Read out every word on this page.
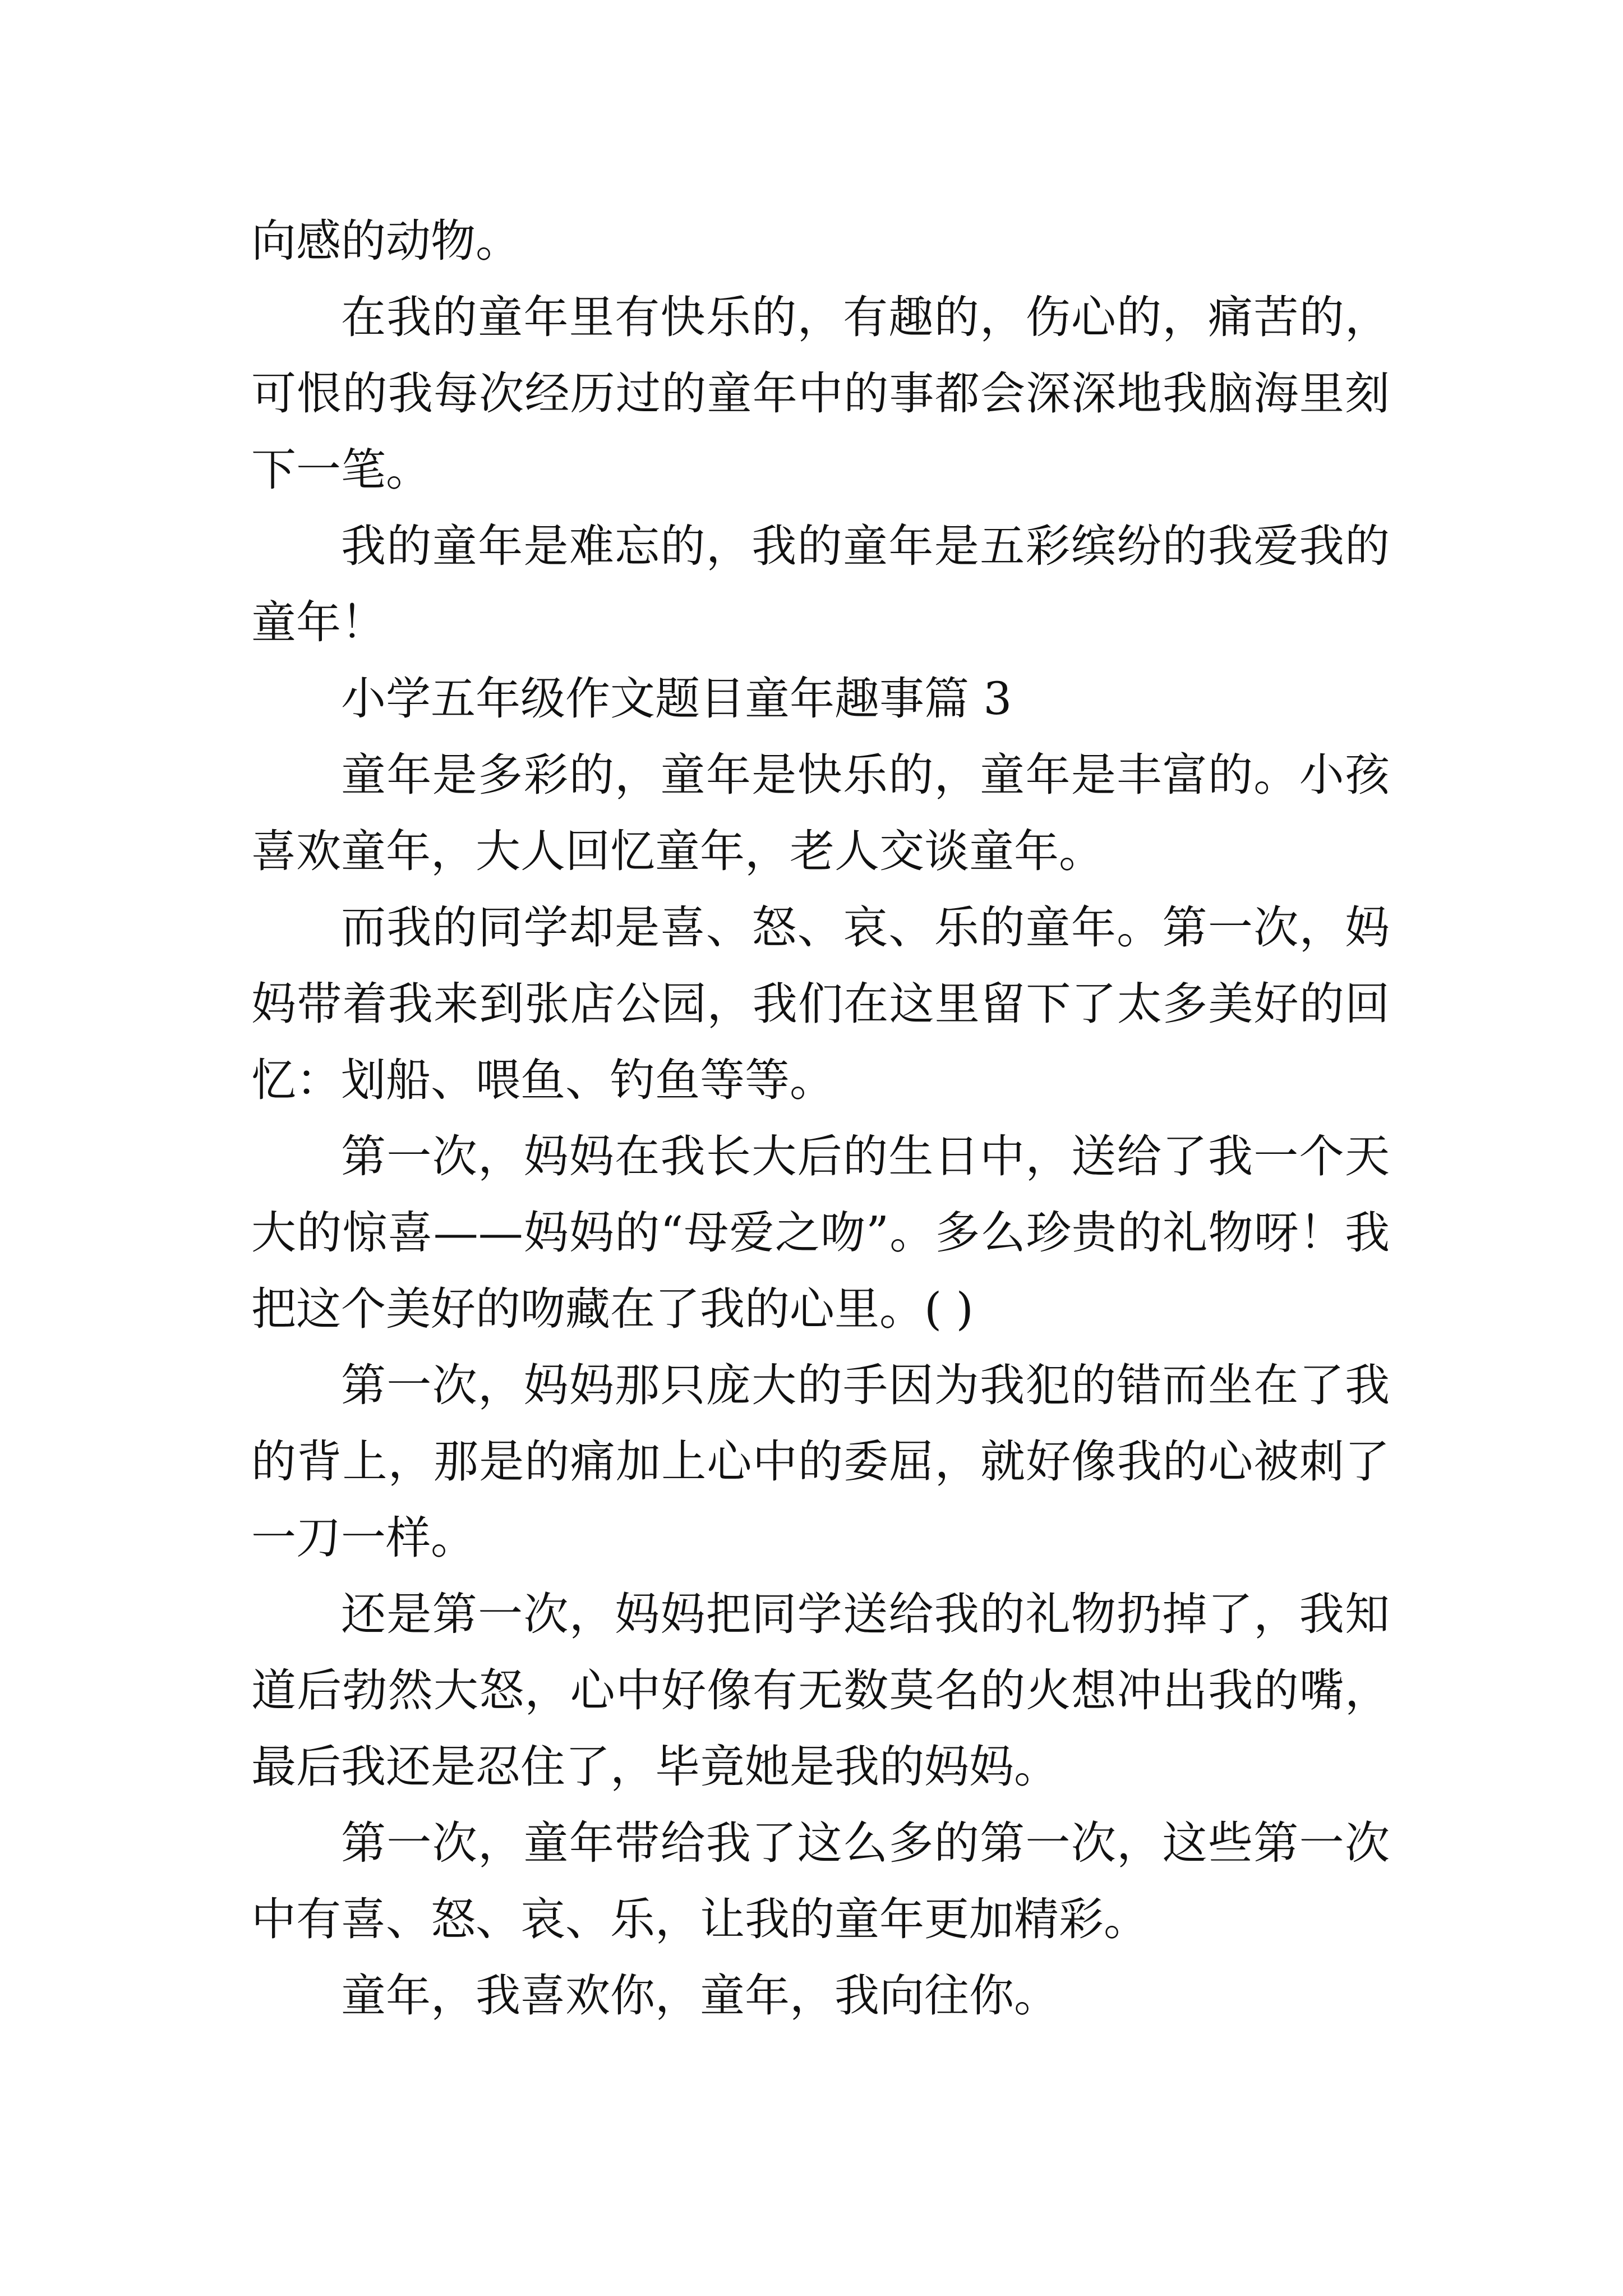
向感的动物。

在我的童年里有快乐的，有趣的，伤心的，痛苦的，可恨的我每次经历过的童年中的事都会深深地我脑海里刻下一笔。

我的童年是难忘的，我的童年是五彩缤纷的我爱我的童年！

小学五年级作文题目童年趣事篇 3

童年是多彩的，童年是快乐的，童年是丰富的。小孩喜欢童年，大人回忆童年，老人交谈童年。

而我的同学却是喜、怒、哀、乐的童年。第一次，妈妈带着我来到张店公园，我们在这里留下了太多美好的回忆：划船、喂鱼、钓鱼等等。

第一次，妈妈在我长大后的生日中，送给了我一个天大的惊喜——妈妈的“母爱之吻”。多么珍贵的礼物呀！我把这个美好的吻藏在了我的心里。( )

第一次，妈妈那只庞大的手因为我犯的错而坐在了我的背上，那是的痛加上心中的委屈，就好像我的心被刺了一刀一样。

还是第一次，妈妈把同学送给我的礼物扔掉了，我知道后勃然大怒，心中好像有无数莫名的火想冲出我的嘴，最后我还是忍住了，毕竟她是我的妈妈。

第一次，童年带给我了这么多的第一次，这些第一次中有喜、怒、哀、乐，让我的童年更加精彩。

童年，我喜欢你，童年，我向往你。
